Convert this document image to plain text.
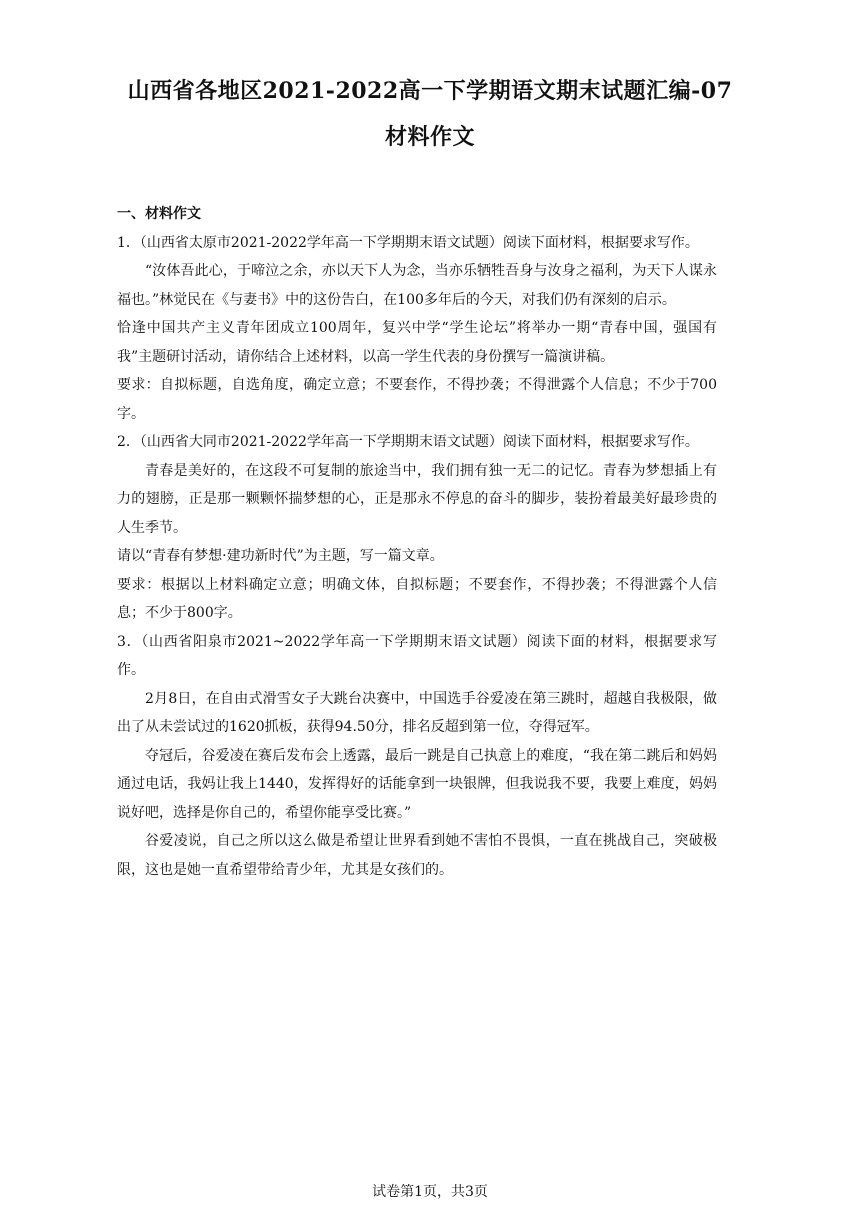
山西省各地区2021-2022高一下学期语文期末试题汇编-07
材料作文
一、材料作文

1．（山西省太原市2021-2022学年高一下学期期末语文试题）阅读下面材料，根据要求写作。

“汝体吾此心，于啼泣之余，亦以天下人为念，当亦乐牺牲吾身与汝身之福利，为天下人谋永福也。”林觉民在《与妻书》中的这份告白，在100多年后的今天，对我们仍有深刻的启示。

恰逢中国共产主义青年团成立100周年，复兴中学“学生论坛”将举办一期“青春中国，强国有我”主题研讨活动，请你结合上述材料，以高一学生代表的身份撰写一篇演讲稿。

要求：自拟标题，自选角度，确定立意；不要套作，不得抄袭；不得泄露个人信息；不少于700字。

2．（山西省大同市2021-2022学年高一下学期期末语文试题）阅读下面材料，根据要求写作。

青春是美好的，在这段不可复制的旅途当中，我们拥有独一无二的记忆。青春为梦想插上有力的翅膀，正是那一颗颗怀揣梦想的心，正是那永不停息的奋斗的脚步，装扮着最美好最珍贵的人生季节。

请以“青春有梦想·建功新时代”为主题，写一篇文章。

要求：根据以上材料确定立意；明确文体，自拟标题；不要套作，不得抄袭；不得泄露个人信息；不少于800字。

3．（山西省阳泉市2021~2022学年高一下学期期末语文试题）阅读下面的材料，根据要求写作。

2月8日，在自由式滑雪女子大跳台决赛中，中国选手谷爱凌在第三跳时，超越自我极限，做出了从未尝试过的1620抓板，获得94.50分，排名反超到第一位，夺得冠军。

夺冠后，谷爱凌在赛后发布会上透露，最后一跳是自己执意上的难度，“我在第二跳后和妈妈通过电话，我妈让我上1440，发挥得好的话能拿到一块银牌，但我说我不要，我要上难度，妈妈说好吧，选择是你自己的，希望你能享受比赛。”

谷爱凌说，自己之所以这么做是希望让世界看到她不害怕不畏惧，一直在挑战自己，突破极限，这也是她一直希望带给青少年，尤其是女孩们的。

试卷第1页，共3页
